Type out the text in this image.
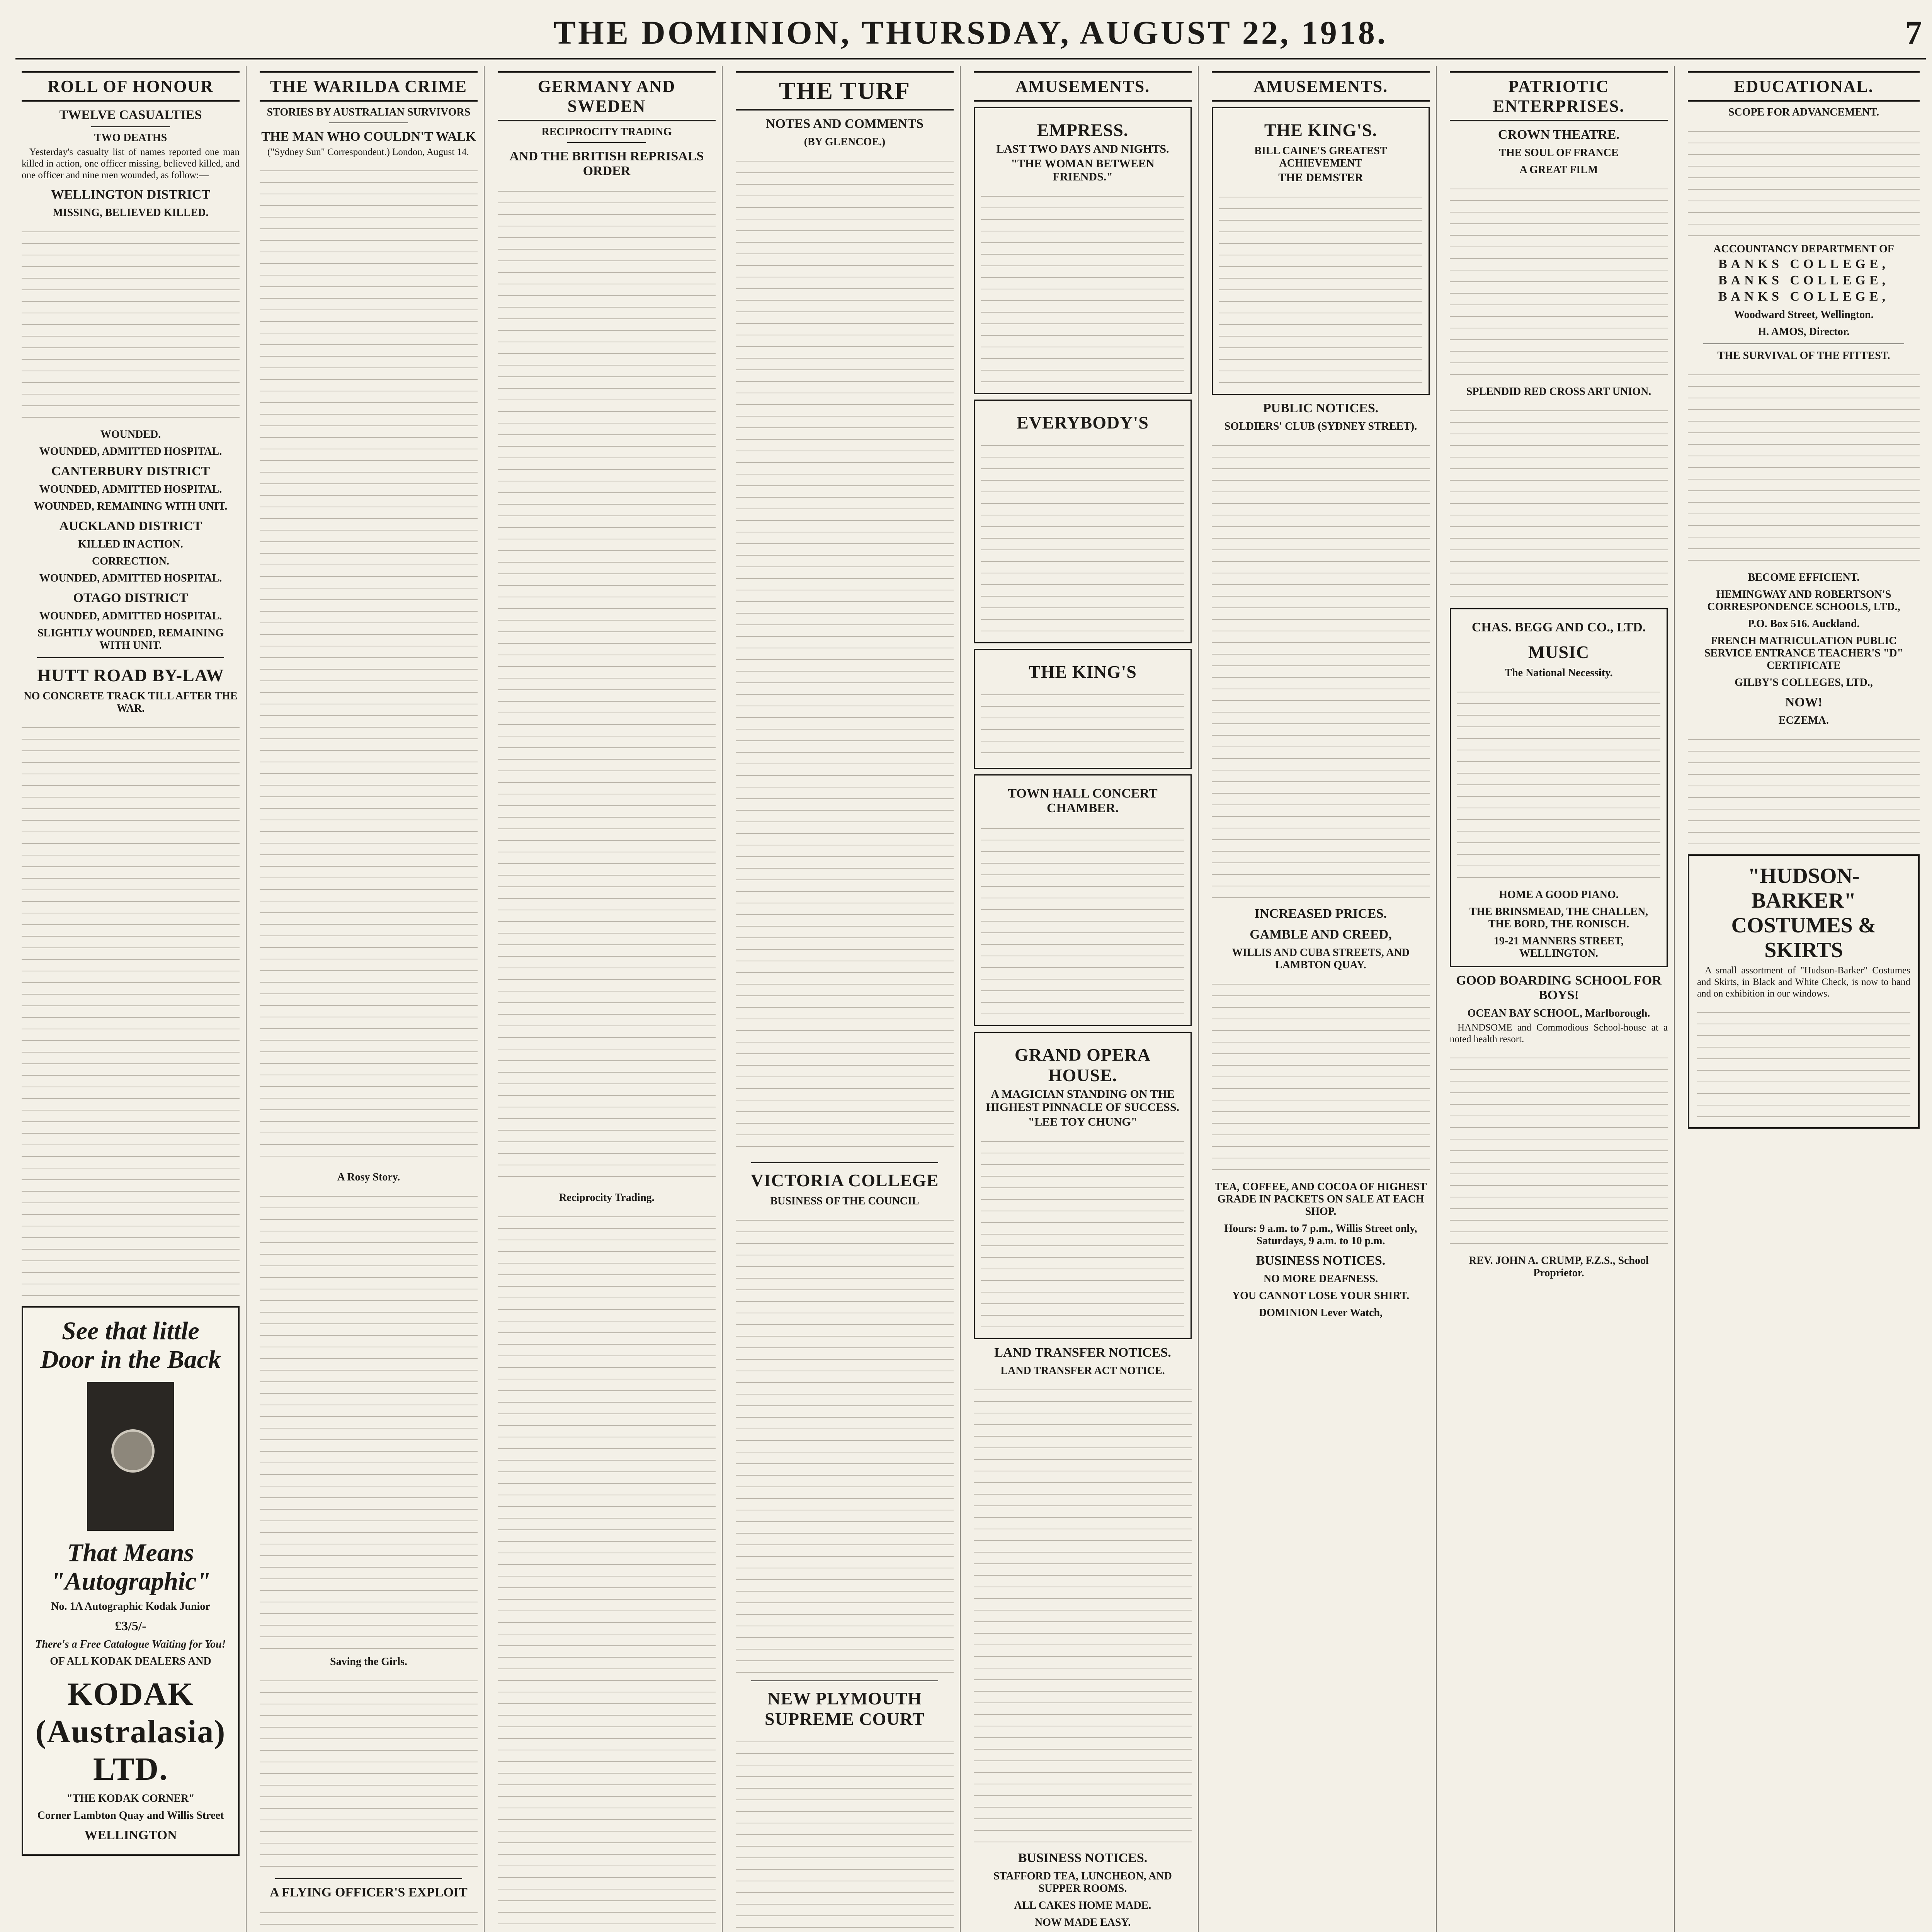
THE DOMINION, THURSDAY, AUGUST 22, 1918.	7
ROLL OF HONOUR
TWELVE CASUALTIES
TWO DEATHS

Yesterday's casualty list of names reported one man killed in action, one officer missing, believed killed, and one officer and nine men wounded, as follow:—

WELLINGTON DISTRICT
MISSING, BELIEVED KILLED.
WOUNDED.
WOUNDED, ADMITTED HOSPITAL.
CANTERBURY DISTRICT
WOUNDED, ADMITTED HOSPITAL.
WOUNDED, REMAINING WITH UNIT.
AUCKLAND DISTRICT
KILLED IN ACTION.
CORRECTION.
WOUNDED, ADMITTED HOSPITAL.
OTAGO DISTRICT
WOUNDED, ADMITTED HOSPITAL.
SLIGHTLY WOUNDED, REMAINING WITH UNIT.
HUTT ROAD BY-LAW
NO CONCRETE TRACK TILL AFTER THE WAR.
See that little Door in the Back
That Means
"Autographic"
No. 1A Autographic Kodak Junior
£3/5/-
There's a Free Catalogue Waiting for You!
OF ALL KODAK DEALERS AND
KODAK (Australasia) LTD.
"THE KODAK CORNER"
Corner Lambton Quay and Willis Street
WELLINGTON
THE WARILDA CRIME
STORIES BY AUSTRALIAN SURVIVORS
THE MAN WHO COULDN'T WALK

("Sydney Sun" Correspondent.) London, August 14.

A Rosy Story.
Saving the Girls.
A FLYING OFFICER'S EXPLOIT
GERMANY AND SWEDEN
RECIPROCITY TRADING
AND THE BRITISH REPRISALS ORDER
Reciprocity Trading.
THE TURF
NOTES AND COMMENTS
(BY GLENCOE.)
VICTORIA COLLEGE
BUSINESS OF THE COUNCIL
NEW PLYMOUTH SUPREME COURT
AMUSEMENTS.
EMPRESS.
LAST TWO DAYS AND NIGHTS.
"THE WOMAN BETWEEN FRIENDS."
EVERYBODY'S
THE KING'S
TOWN HALL CONCERT CHAMBER.
GRAND OPERA HOUSE.
A MAGICIAN STANDING ON THE HIGHEST PINNACLE OF SUCCESS.
"LEE TOY CHUNG"
LAND TRANSFER NOTICES.
LAND TRANSFER ACT NOTICE.
BUSINESS NOTICES.
STAFFORD TEA, LUNCHEON, AND SUPPER ROOMS.
ALL CAKES HOME MADE.
NOW MADE EASY.
AMUSEMENTS.
THE KING'S.
BILL CAINE'S GREATEST ACHIEVEMENT
THE DEMSTER
PUBLIC NOTICES.
SOLDIERS' CLUB (SYDNEY STREET).
INCREASED PRICES.
GAMBLE AND CREED,
WILLIS AND CUBA STREETS, AND LAMBTON QUAY.
TEA, COFFEE, AND COCOA OF HIGHEST GRADE IN PACKETS ON SALE AT EACH SHOP.
Hours: 9 a.m. to 7 p.m., Willis Street only, Saturdays, 9 a.m. to 10 p.m.
BUSINESS NOTICES.
NO MORE DEAFNESS.
YOU CANNOT LOSE YOUR SHIRT.
DOMINION Lever Watch,
PATRIOTIC ENTERPRISES.
CROWN THEATRE.
THE SOUL OF FRANCE
A GREAT FILM
SPLENDID RED CROSS ART UNION.
CHAS. BEGG AND CO., LTD.
MUSIC
The National Necessity.
HOME A GOOD PIANO.
THE BRINSMEAD, THE CHALLEN, THE BORD, THE RONISCH.
19-21 MANNERS STREET, WELLINGTON.
GOOD BOARDING SCHOOL FOR BOYS!
OCEAN BAY SCHOOL, Marlborough.

HANDSOME and Commodious School-house at a noted health resort.

REV. JOHN A. CRUMP, F.Z.S., School Proprietor.
EDUCATIONAL.
SCOPE FOR ADVANCEMENT.
ACCOUNTANCY DEPARTMENT OF
BANKS COLLEGE,
BANKS COLLEGE,
BANKS COLLEGE,
Woodward Street, Wellington.
H. AMOS, Director.
THE SURVIVAL OF THE FITTEST.
BECOME EFFICIENT.
HEMINGWAY AND ROBERTSON'S CORRESPONDENCE SCHOOLS, LTD.,
P.O. Box 516. Auckland.
FRENCH MATRICULATION PUBLIC SERVICE ENTRANCE TEACHER'S "D" CERTIFICATE
GILBY'S COLLEGES, LTD.,
NOW!
ECZEMA.
"HUDSON-BARKER" COSTUMES & SKIRTS

A small assortment of "Hudson-Barker" Costumes and Skirts, in Black and White Check, is now to hand and on exhibition in our windows.
